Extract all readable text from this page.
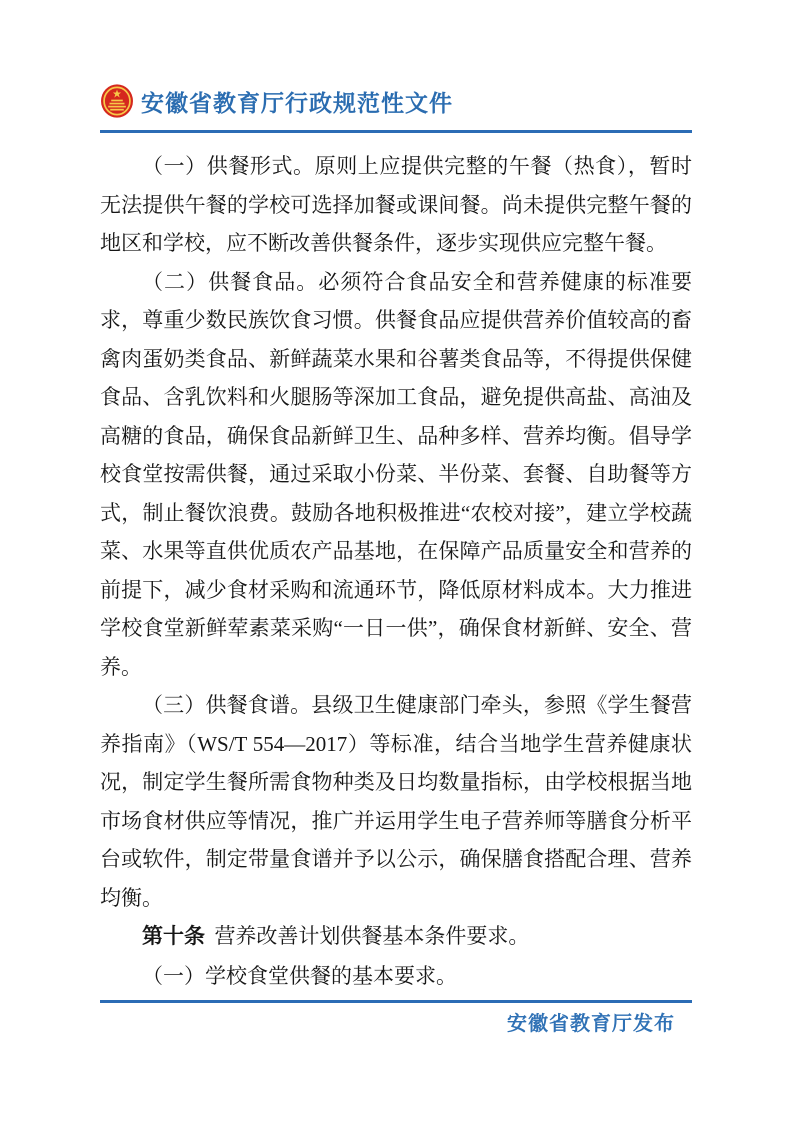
安徽省教育厅行政规范性文件

（一）供餐形式。原则上应提供完整的午餐（热食），暂时无法提供午餐的学校可选择加餐或课间餐。尚未提供完整午餐的地区和学校，应不断改善供餐条件，逐步实现供应完整午餐。

（二）供餐食品。必须符合食品安全和营养健康的标准要求，尊重少数民族饮食习惯。供餐食品应提供营养价值较高的畜禽肉蛋奶类食品、新鲜蔬菜水果和谷薯类食品等，不得提供保健食品、含乳饮料和火腿肠等深加工食品，避免提供高盐、高油及高糖的食品，确保食品新鲜卫生、品种多样、营养均衡。倡导学校食堂按需供餐，通过采取小份菜、半份菜、套餐、自助餐等方式，制止餐饮浪费。鼓励各地积极推进“农校对接”，建立学校蔬菜、水果等直供优质农产品基地，在保障产品质量安全和营养的前提下，减少食材采购和流通环节，降低原材料成本。大力推进学校食堂新鲜荤素菜采购“一日一供”，确保食材新鲜、安全、营养。

（三）供餐食谱。县级卫生健康部门牵头，参照《学生餐营养指南》（WS/T 554—2017）等标准，结合当地学生营养健康状况，制定学生餐所需食物种类及日均数量指标，由学校根据当地市场食材供应等情况，推广并运用学生电子营养师等膳食分析平台或软件，制定带量食谱并予以公示，确保膳食搭配合理、营养均衡。

第十条 营养改善计划供餐基本条件要求。

（一）学校食堂供餐的基本要求。

安徽省教育厅发布
